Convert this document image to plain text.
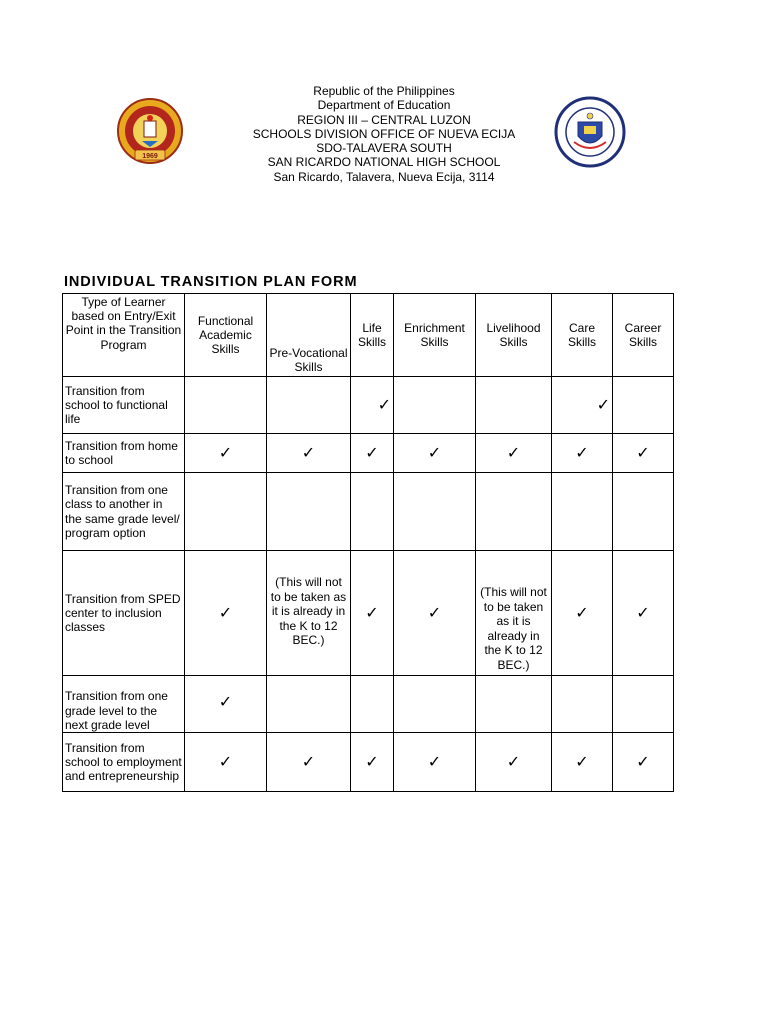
Republic of the Philippines
Department of Education
REGION III – CENTRAL LUZON
SCHOOLS DIVISION OFFICE OF NUEVA ECIJA
SDO-TALAVERA SOUTH
SAN RICARDO NATIONAL HIGH SCHOOL
San Ricardo, Talavera, Nueva Ecija, 3114
1969
INDIVIDUAL TRANSITION PLAN FORM
Type of Learner based on Entry/Exit Point in the Transition Program	Functional Academic Skills	Pre-Vocational Skills	Life Skills	Enrichment Skills	Livelihood Skills	Care Skills	Career Skills
Transition from school to functional life			✓			✓	
Transition from home to school	✓	✓	✓	✓	✓	✓	✓
Transition from one class to another in the same grade level/ program option							
Transition from SPED center to inclusion classes	✓	(This will not to be taken as it is already in the K to 12 BEC.)	✓	✓	(This will not to be taken as it is already in the K to 12 BEC.)	✓	✓
Transition from one grade level to the next grade level	✓						
Transition from school to employment and entrepreneurship	✓	✓	✓	✓	✓	✓	✓
